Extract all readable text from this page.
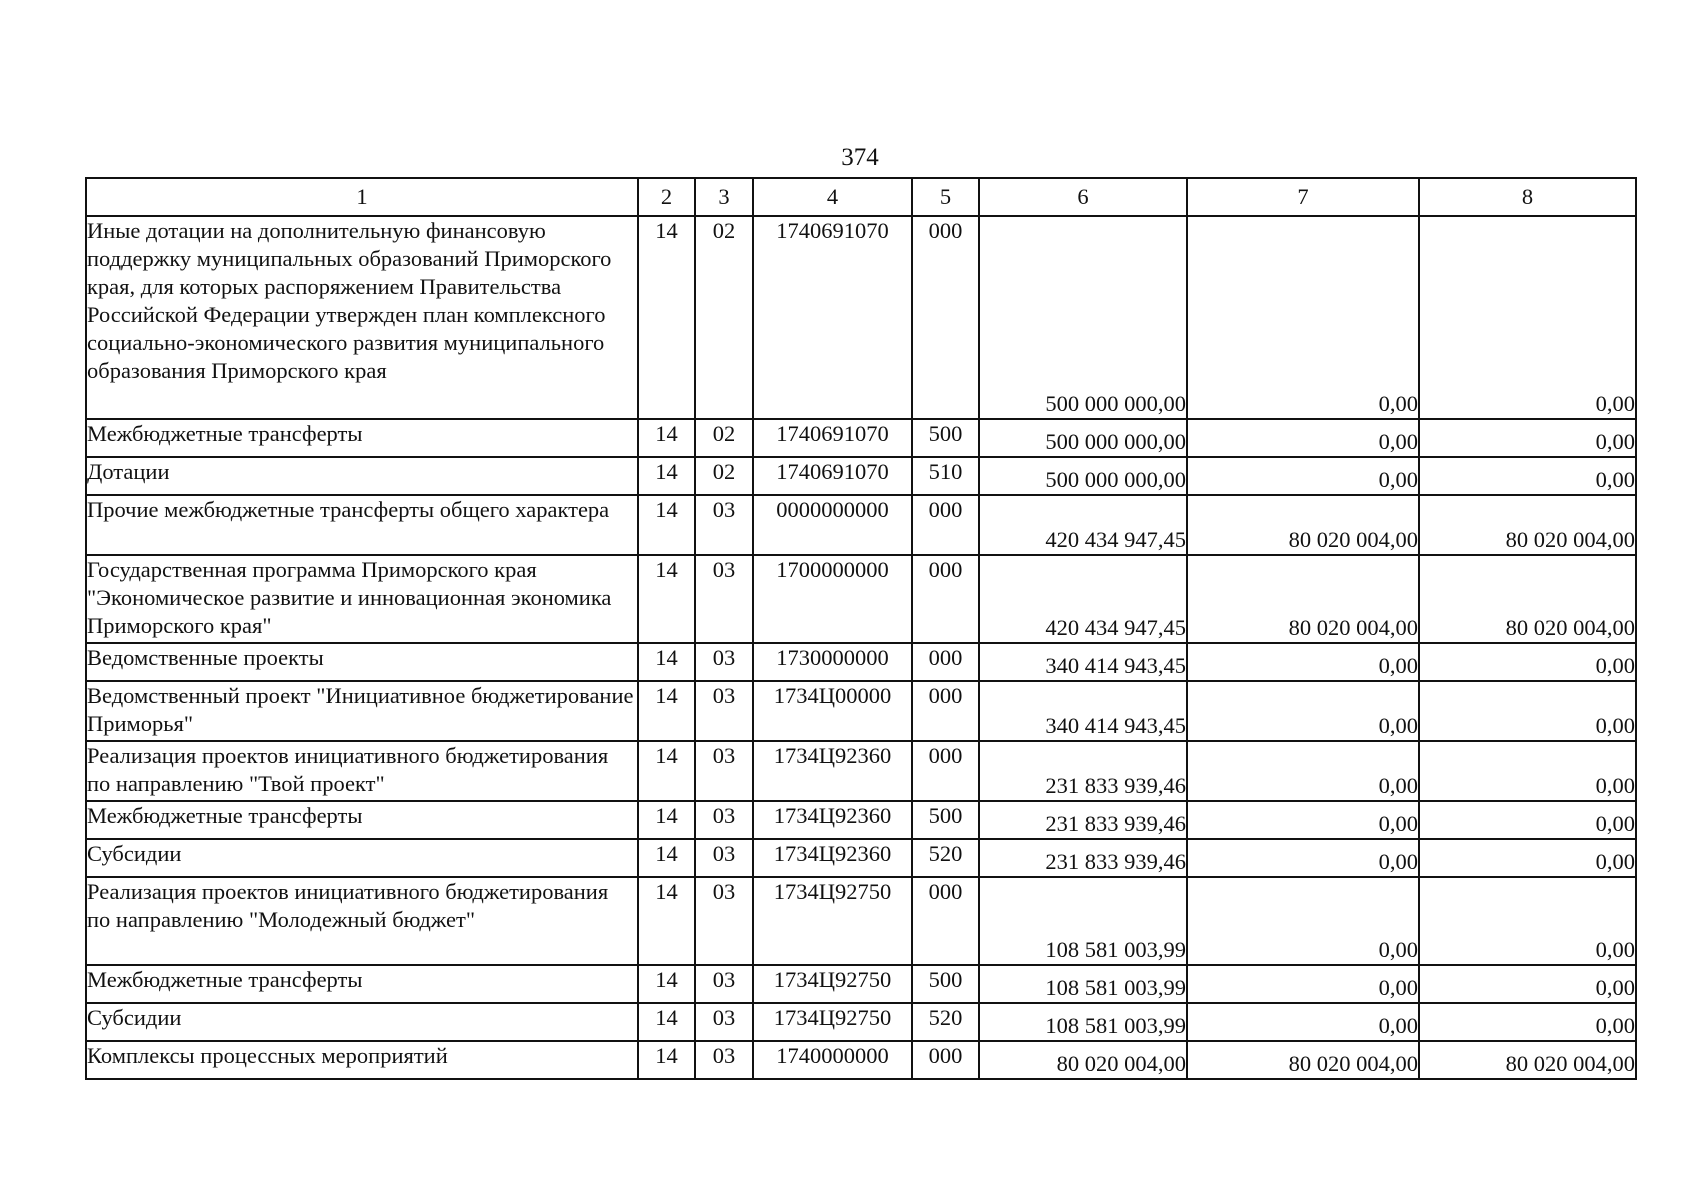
374
1	2	3	4	5	6	7	8
Иные дотации на дополнительную финансовую поддержку муниципальных образований Приморского края, для которых распоряжением Правительства Российской Федерации утвержден план комплексного социально-экономического развития муниципального образования Приморского края	14	02	1740691070	000	500 000 000,00	0,00	0,00
Межбюджетные трансферты	14	02	1740691070	500	500 000 000,00	0,00	0,00
Дотации	14	02	1740691070	510	500 000 000,00	0,00	0,00
Прочие межбюджетные трансферты общего характера	14	03	0000000000	000	420 434 947,45	80 020 004,00	80 020 004,00
Государственная программа Приморского края "Экономическое развитие и инновационная экономика Приморского края"	14	03	1700000000	000	420 434 947,45	80 020 004,00	80 020 004,00
Ведомственные проекты	14	03	1730000000	000	340 414 943,45	0,00	0,00
Ведомственный проект "Инициативное бюджетирование Приморья"	14	03	1734Ц00000	000	340 414 943,45	0,00	0,00
Реализация проектов инициативного бюджетирования по направлению "Твой проект"	14	03	1734Ц92360	000	231 833 939,46	0,00	0,00
Межбюджетные трансферты	14	03	1734Ц92360	500	231 833 939,46	0,00	0,00
Субсидии	14	03	1734Ц92360	520	231 833 939,46	0,00	0,00
Реализация проектов инициативного бюджетирования по направлению "Молодежный бюджет"	14	03	1734Ц92750	000	108 581 003,99	0,00	0,00
Межбюджетные трансферты	14	03	1734Ц92750	500	108 581 003,99	0,00	0,00
Субсидии	14	03	1734Ц92750	520	108 581 003,99	0,00	0,00
Комплексы процессных мероприятий	14	03	1740000000	000	80 020 004,00	80 020 004,00	80 020 004,00
